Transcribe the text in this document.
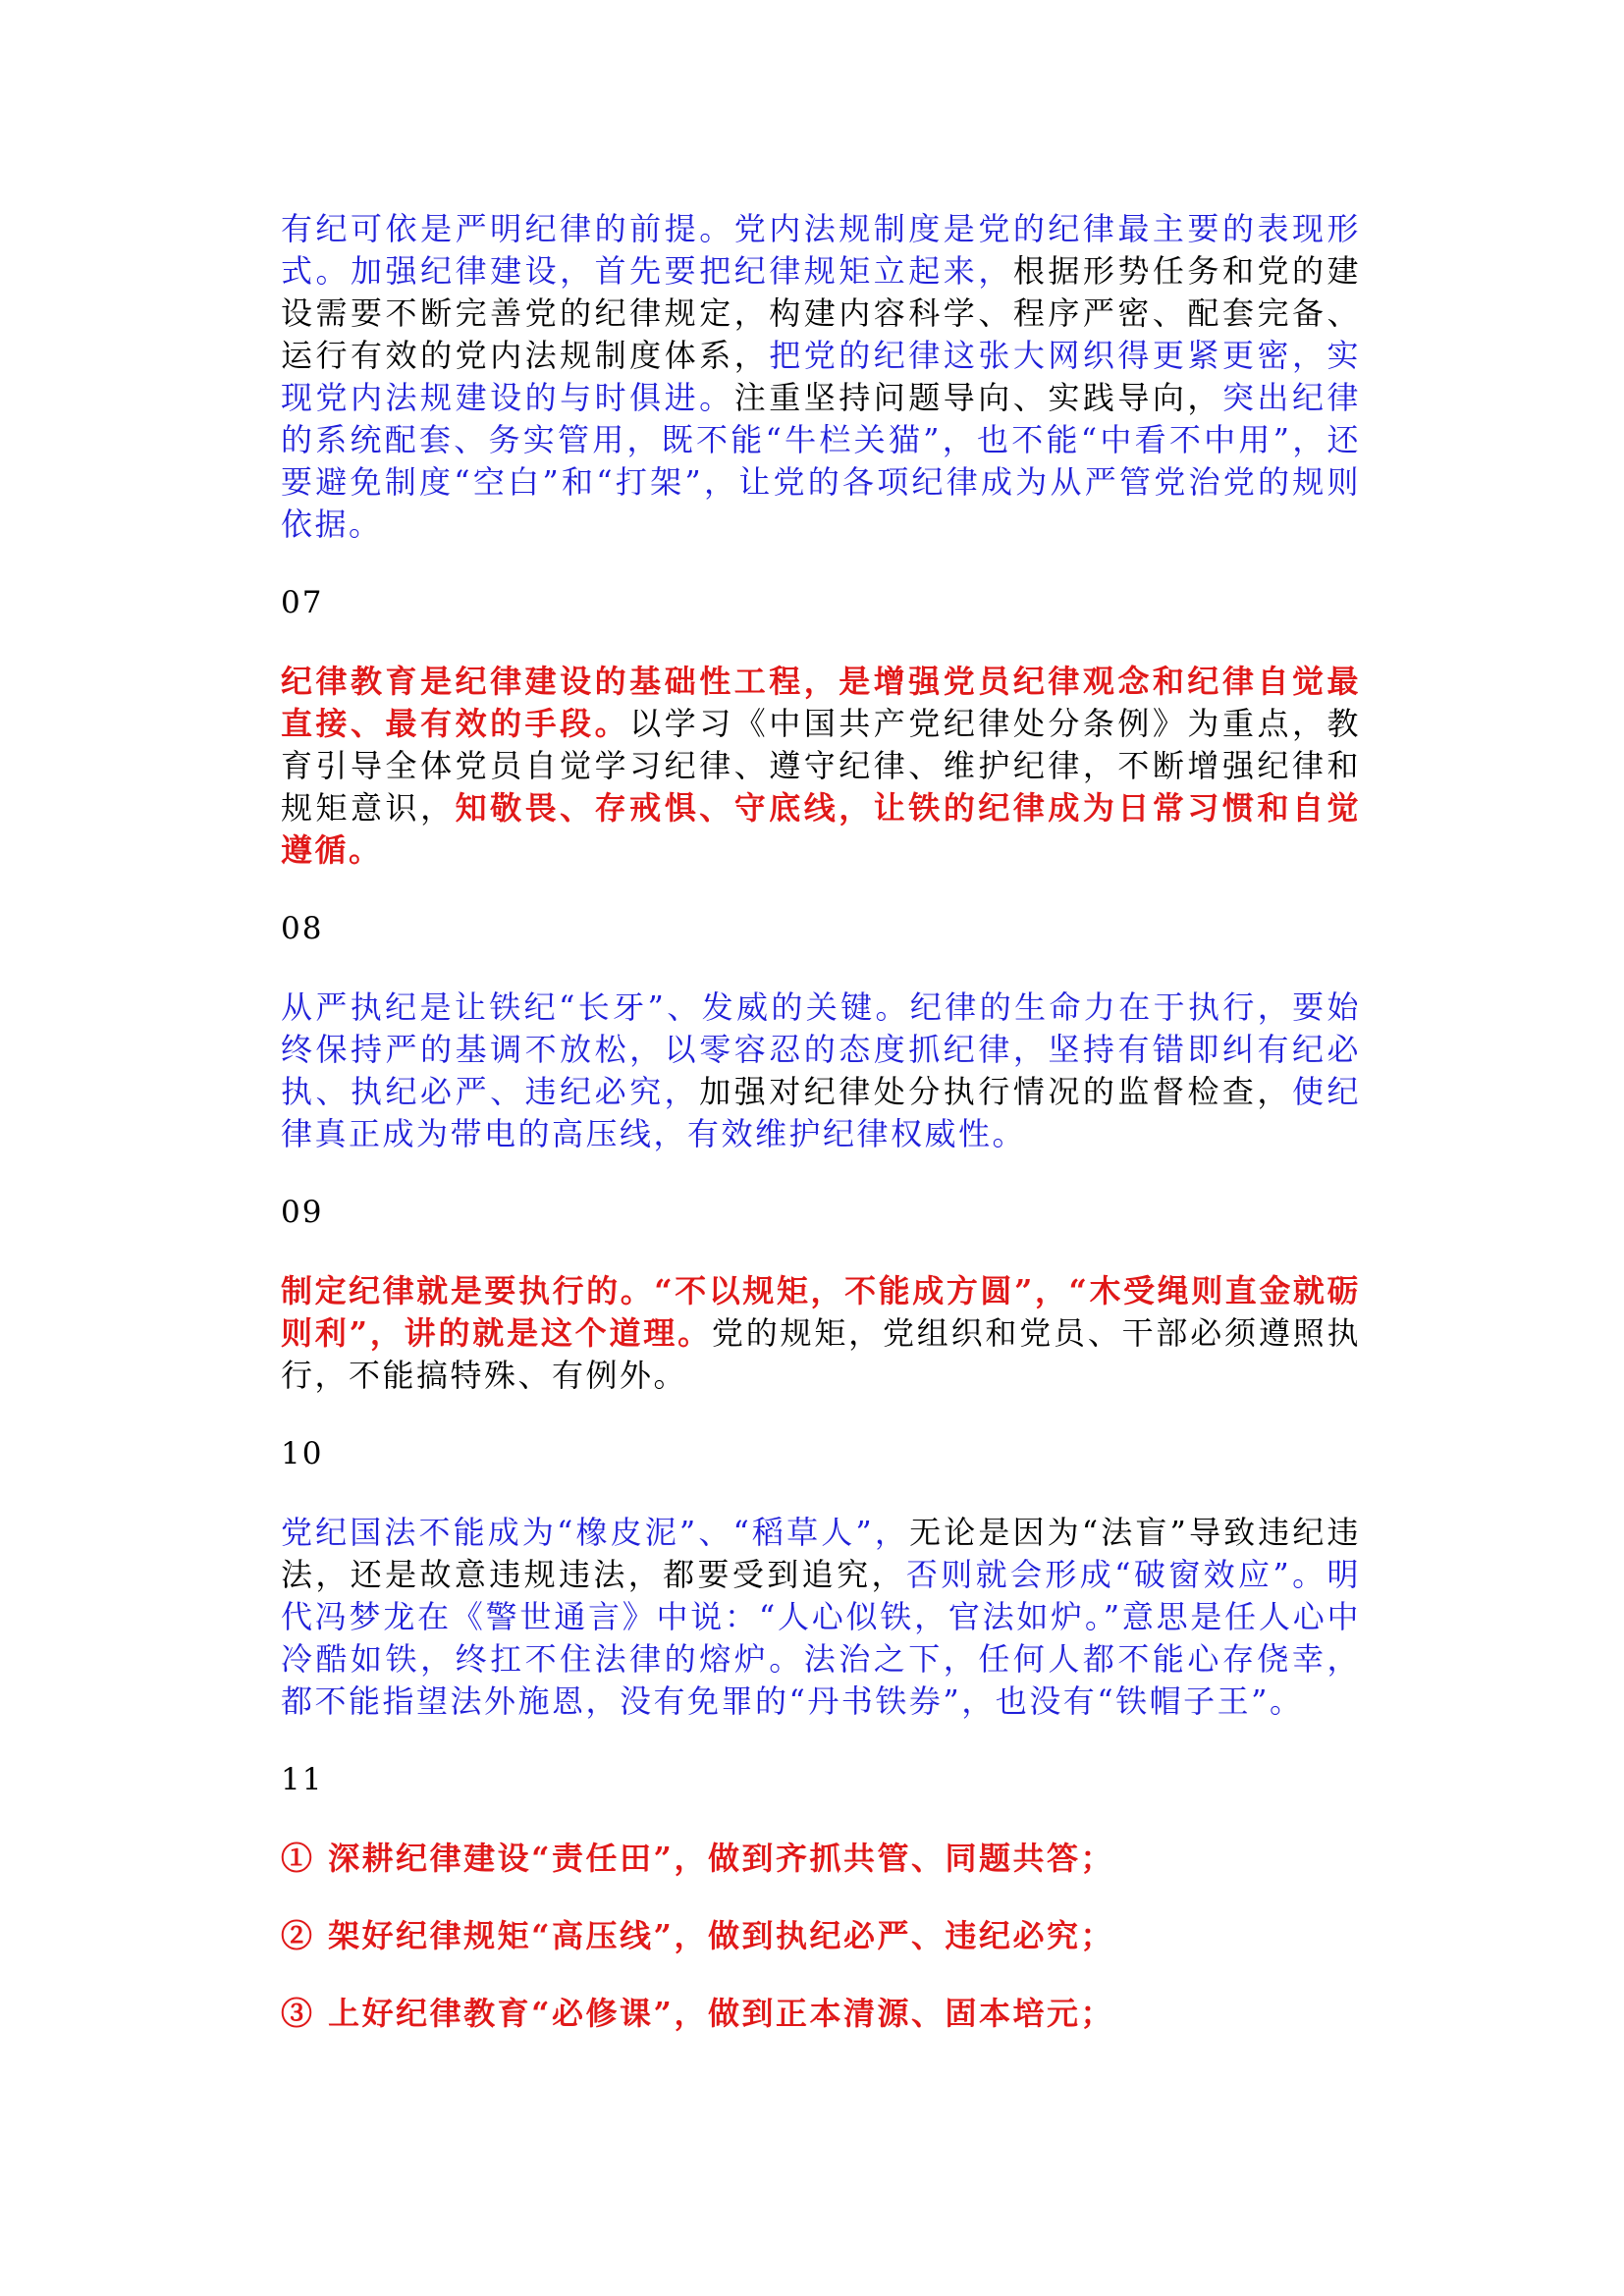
有纪可依是严明纪律的前提。党内法规制度是党的纪律最主要的表现形式。加强纪律建设，首先要把纪律规矩立起来，根据形势任务和党的建设需要不断完善党的纪律规定，构建内容科学、程序严密、配套完备、运行有效的党内法规制度体系，把党的纪律这张大网织得更紧更密，实现党内法规建设的与时俱进。注重坚持问题导向、实践导向，突出纪律的系统配套、务实管用，既不能“牛栏关猫”，也不能“中看不中用”，还要避免制度“空白”和“打架”，让党的各项纪律成为从严管党治党的规则依据。

07

纪律教育是纪律建设的基础性工程，是增强党员纪律观念和纪律自觉最直接、最有效的手段。以学习《中国共产党纪律处分条例》为重点，教育引导全体党员自觉学习纪律、遵守纪律、维护纪律，不断增强纪律和规矩意识，知敬畏、存戒惧、守底线，让铁的纪律成为日常习惯和自觉遵循。

08

从严执纪是让铁纪“长牙”、发威的关键。纪律的生命力在于执行，要始终保持严的基调不放松，以零容忍的态度抓纪律，坚持有错即纠有纪必执、执纪必严、违纪必究，加强对纪律处分执行情况的监督检查，使纪律真正成为带电的高压线，有效维护纪律权威性。

09

制定纪律就是要执行的。“不以规矩，不能成方圆”，“木受绳则直金就砺则利”，讲的就是这个道理。党的规矩，党组织和党员、干部必须遵照执行，不能搞特殊、有例外。

10

党纪国法不能成为“橡皮泥”、“稻草人”，无论是因为“法盲”导致违纪违法，还是故意违规违法，都要受到追究，否则就会形成“破窗效应”。明代冯梦龙在《警世通言》中说：“人心似铁，官法如炉。”意思是任人心中冷酷如铁，终扛不住法律的熔炉。法治之下，任何人都不能心存侥幸，都不能指望法外施恩，没有免罪的“丹书铁券”，也没有“铁帽子王”。

11

① 深耕纪律建设“责任田”，做到齐抓共管、同题共答；

② 架好纪律规矩“高压线”，做到执纪必严、违纪必究；

③ 上好纪律教育“必修课”，做到正本清源、固本培元；
